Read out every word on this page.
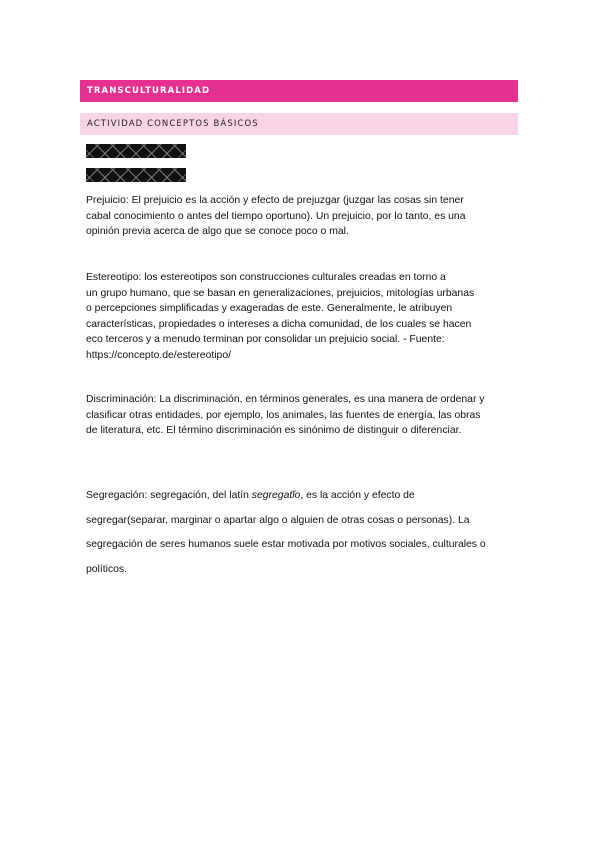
TRANSCULTURALIDAD
ACTIVIDAD CONCEPTOS BÁSICOS

Prejuicio: El prejuicio es la acción y efecto de prejuzgar (juzgar las cosas sin tener
cabal conocimiento o antes del tiempo oportuno). Un prejuicio, por lo tanto, es una
opinión previa acerca de algo que se conoce poco o mal.

Estereotipo: los estereotipos son construcciones culturales creadas en torno a
un grupo humano, que se basan en generalizaciones, prejuicios, mitologías urbanas
o percepciones simplificadas y exageradas de este. Generalmente, le atribuyen
características, propiedades o intereses a dicha comunidad, de los cuales se hacen
eco terceros y a menudo terminan por consolidar un prejuicio social. - Fuente:
https://concepto.de/estereotipo/

Discriminación: La discriminación, en términos generales, es una manera de ordenar y
clasificar otras entidades, por ejemplo, los animales, las fuentes de energía, las obras
de literatura, etc. El término discriminación es sinónimo de distinguir o diferenciar.

Segregación: segregación, del latín segregatĭo, es la acción y efecto de
segregar(separar, marginar o apartar algo o alguien de otras cosas o personas). La
segregación de seres humanos suele estar motivada por motivos sociales, culturales o
políticos.
